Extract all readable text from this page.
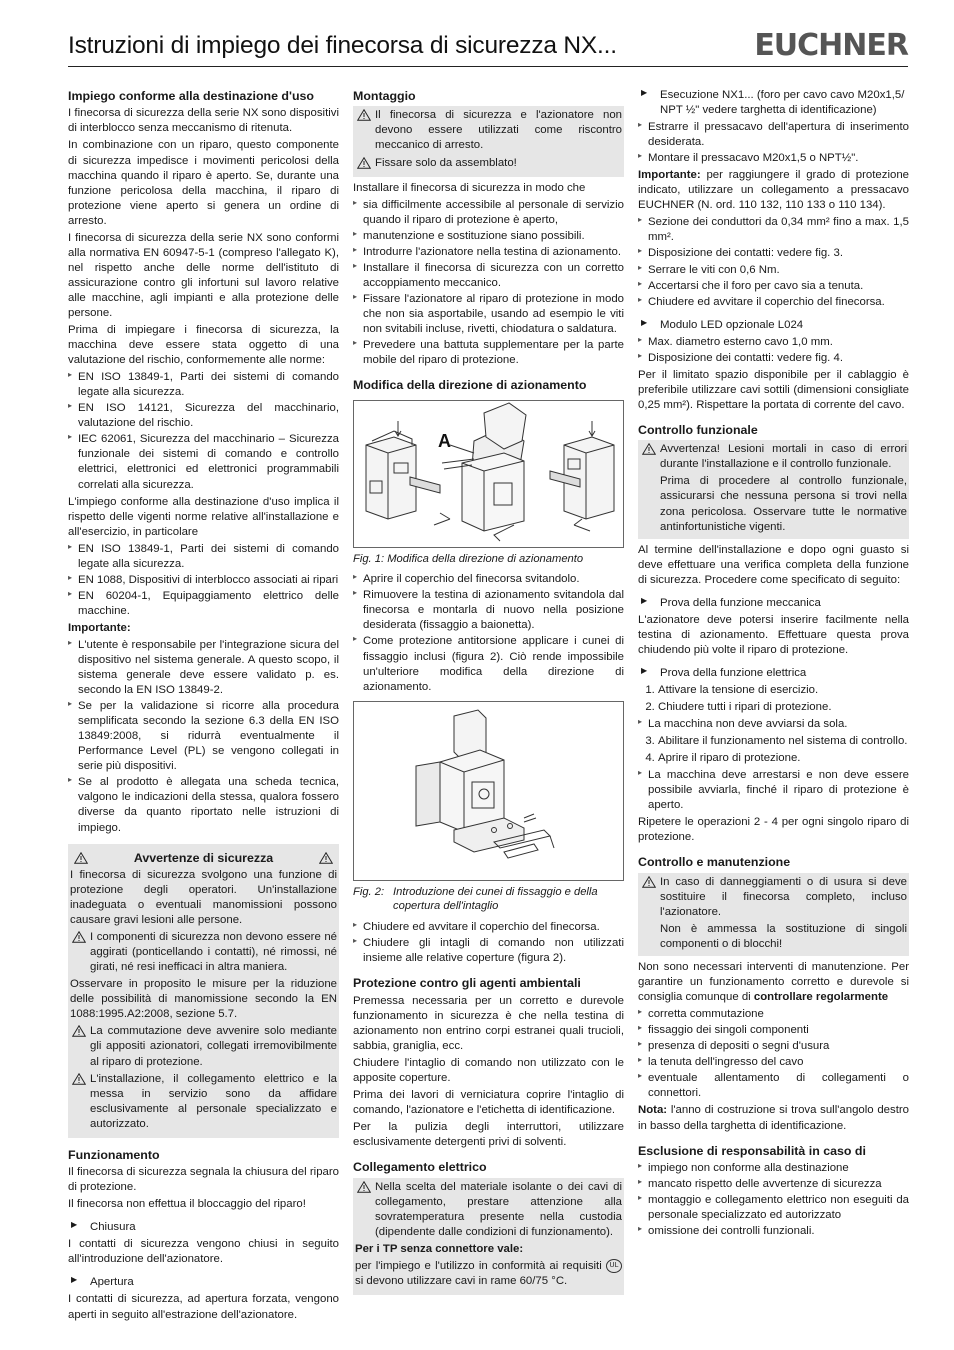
Istruzioni di impiego dei finecorsa di sicurezza NX...	EUCHNER
Impiego conforme alla destinazione d'uso

I finecorsa di sicurezza della serie NX sono dispositivi di interblocco senza meccanismo di ritenuta.

In combinazione con un riparo, questo componente di sicurezza impedisce i movimenti pericolosi della macchina quando il riparo è aperto. Se, durante una funzione pericolosa della macchina, il riparo di protezione viene aperto si genera un ordine di arresto.

I finecorsa di sicurezza della serie NX sono conformi alla normativa EN 60947-5-1 (compreso l'allegato K), nel rispetto anche delle norme dell'istituto di assicurazione contro gli infortuni sul lavoro relative alle macchine, agli impianti e alla protezione delle persone.

Prima di impiegare i finecorsa di sicurezza, la macchina deve essere stata oggetto di una valutazione del rischio, conformemente alle norme:

▸ EN ISO 13849-1, Parti dei sistemi di comando legate alla sicurezza.
▸ EN ISO 14121, Sicurezza del macchinario, valutazione del rischio.
▸ IEC 62061, Sicurezza del macchinario – Sicurezza funzionale dei sistemi di comando e controllo elettrici, elettronici ed elettronici programmabili correlati alla sicurezza.

L'impiego conforme alla destinazione d'uso implica il rispetto delle vigenti norme relative all'installazione e all'esercizio, in particolare

▸ EN ISO 13849-1, Parti dei sistemi di comando legate alla sicurezza.
▸ EN 1088, Dispositivi di interblocco associati ai ripari
▸ EN 60204-1, Equipaggiamento elettrico delle macchine.

Importante:

▸ L'utente è responsabile per l'integrazione sicura del dispositivo nel sistema generale. A questo scopo, il sistema generale deve essere validato p. es. secondo la EN ISO 13849-2.
▸ Se per la validazione si ricorre alla procedura semplificata secondo la sezione 6.3 della EN ISO 13849:2008, si ridurrà eventualmente il Performance Level (PL) se vengono collegati in serie più dispositivi.
▸ Se al prodotto è allegata una scheda tecnica, valgono le indicazioni della stessa, qualora fossero diverse da quanto riportato nelle istruzioni di impiego.
Avvertenze di sicurezza

I finecorsa di sicurezza svolgono una funzione di protezione degli operatori. Un'installazione inadeguata o eventuali manomissioni possono causare gravi lesioni alle persone.

I componenti di sicurezza non devono essere né aggirati (ponticellando i contatti), né rimossi, né girati, né resi inefficaci in altra maniera.

Osservare in proposito le misure per la riduzione delle possibilità di manomissione secondo la EN 1088:1995.A2:2008, sezione 5.7.

La commutazione deve avvenire solo mediante gli appositi azionatori, collegati irremovibilmente al riparo di protezione.
L'installazione, il collegamento elettrico e la messa in servizio sono da affidare esclusivamente al personale specializzato e autorizzato.
Funzionamento

Il finecorsa di sicurezza segnala la chiusura del riparo di protezione.

Il finecorsa non effettua il bloccaggio del riparo!

▶ Chiusura

I contatti di sicurezza vengono chiusi in seguito all'introduzione dell'azionatore.

▶ Apertura

I contatti di sicurezza, ad apertura forzata, vengono aperti in seguito all'estrazione dell'azionatore.

Montaggio
Il finecorsa di sicurezza e l'azionatore non devono essere utilizzati come riscontro meccanico di arresto.
Fissare solo da assemblato!

Installare il finecorsa di sicurezza in modo che

▸ sia difficilmente accessibile al personale di servizio quando il riparo di protezione è aperto,
▸ manutenzione e sostituzione siano possibili.
▸ Introdurre l'azionatore nella testina di azionamento.
▸ Installare il finecorsa di sicurezza con un corretto accoppiamento meccanico.
▸ Fissare l'azionatore al riparo di protezione in modo che non sia asportabile, usando ad esempio le viti non svitabili incluse, rivetti, chiodatura o saldatura.
▸ Prevedere una battuta supplementare per la parte mobile del riparo di protezione.
Modifica della direzione di azionamento
A
Fig. 1: Modifica della direzione di azionamento
▸ Aprire il coperchio del finecorsa svitandolo.
▸ Rimuovere la testina di azionamento svitandola dal finecorsa e montarla di nuovo nella posizione desiderata (fissaggio a baionetta).
▸ Come protezione antitorsione applicare i cunei di fissaggio inclusi (figura 2). Ciò rende impossibile un'ulteriore modifica della direzione di azionamento.
Fig. 2: Introduzione dei cunei di fissaggio e della copertura dell'intaglio
▸ Chiudere ed avvitare il coperchio del finecorsa.
▸ Chiudere gli intagli di comando non utilizzati insieme alle relative coperture (figura 2).
Protezione contro gli agenti ambientali

Premessa necessaria per un corretto e durevole funzionamento in sicurezza è che nella testina di azionamento non entrino corpi estranei quali trucioli, sabbia, graniglia, ecc.

Chiudere l'intaglio di comando non utilizzato con le apposite coperture.

Prima dei lavori di verniciatura coprire l'intaglio di comando, l'azionatore e l'etichetta di identificazione.

Per la pulizia degli interruttori, utilizzare esclusivamente detergenti privi di solventi.

Collegamento elettrico
Nella scelta del materiale isolante o dei cavi di collegamento, prestare attenzione alla sovratemperatura presente nella custodia (dipendente dalle condizioni di funzionamento).

Per i TP senza connettore vale:

per l'impiego e l'utilizzo in conformità ai requisiti UL si devono utilizzare cavi in rame 60/75 °C.

▶ Esecuzione NX1... (foro per cavo cavo M20x1,5/ NPT ½" vedere targhetta di identificazione)
▸ Estrarre il pressacavo dell'apertura di inserimento desiderata.
▸ Montare il pressacavo M20x1,5 o NPT½".

Importante: per raggiungere il grado di protezione indicato, utilizzare un collegamento a pressacavo EUCHNER (N. ord. 110 132, 110 133 o 110 134).

▸ Sezione dei conduttori da 0,34 mm² fino a max. 1,5 mm².
▸ Disposizione dei contatti: vedere fig. 3.
▸ Serrare le viti con 0,6 Nm.
▸ Accertarsi che il foro per cavo sia a tenuta.
▸ Chiudere ed avvitare il coperchio del finecorsa.
▶ Modulo LED opzionale L024
▸ Max. diametro esterno cavo 1,0 mm.
▸ Disposizione dei contatti: vedere fig. 4.

Per il limitato spazio disponibile per il cablaggio è preferibile utilizzare cavi sottili (dimensioni consigliate 0,25 mm²). Rispettare la portata di corrente del cavo.

Controllo funzionale
Avvertenza! Lesioni mortali in caso di errori durante l'installazione e il controllo funzionale.
Prima di procedere al controllo funzionale, assicurarsi che nessuna persona si trovi nella zona pericolosa. Osservare tutte le normative antinfortunistiche vigenti.

Al termine dell'installazione e dopo ogni guasto si deve effettuare una verifica completa della funzione di sicurezza. Procedere come specificato di seguito:

▶ Prova della funzione meccanica

L'azionatore deve potersi inserire facilmente nella testina di azionamento. Effettuare questa prova chiudendo più volte il riparo di protezione.

▶ Prova della funzione elettrica
1. Attivare la tensione di esercizio.
2. Chiudere tutti i ripari di protezione.
▸ La macchina non deve avviarsi da sola.
3. Abilitare il funzionamento nel sistema di controllo.
4. Aprire il riparo di protezione.
▸ La macchina deve arrestarsi e non deve essere possibile avviarla, finché il riparo di protezione è aperto.

Ripetere le operazioni 2 - 4 per ogni singolo riparo di protezione.

Controllo e manutenzione
In caso di danneggiamenti o di usura si deve sostituire il finecorsa completo, incluso l'azionatore.
Non è ammessa la sostituzione di singoli componenti o di blocchi!

Non sono necessari interventi di manutenzione. Per garantire un funzionamento corretto e durevole si consiglia comunque di controllare regolarmente

▸ corretta commutazione
▸ fissaggio dei singoli componenti
▸ presenza di depositi o segni d'usura
▸ la tenuta dell'ingresso del cavo
▸ eventuale allentamento di collegamenti o connettori.

Nota: l'anno di costruzione si trova sull'angolo destro in basso della targhetta di identificazione.

Esclusione di responsabilità in caso di
▸ impiego non conforme alla destinazione
▸ mancato rispetto delle avvertenze di sicurezza
▸ montaggio e collegamento elettrico non eseguiti da personale specializzato ed autorizzato
▸ omissione dei controlli funzionali.
